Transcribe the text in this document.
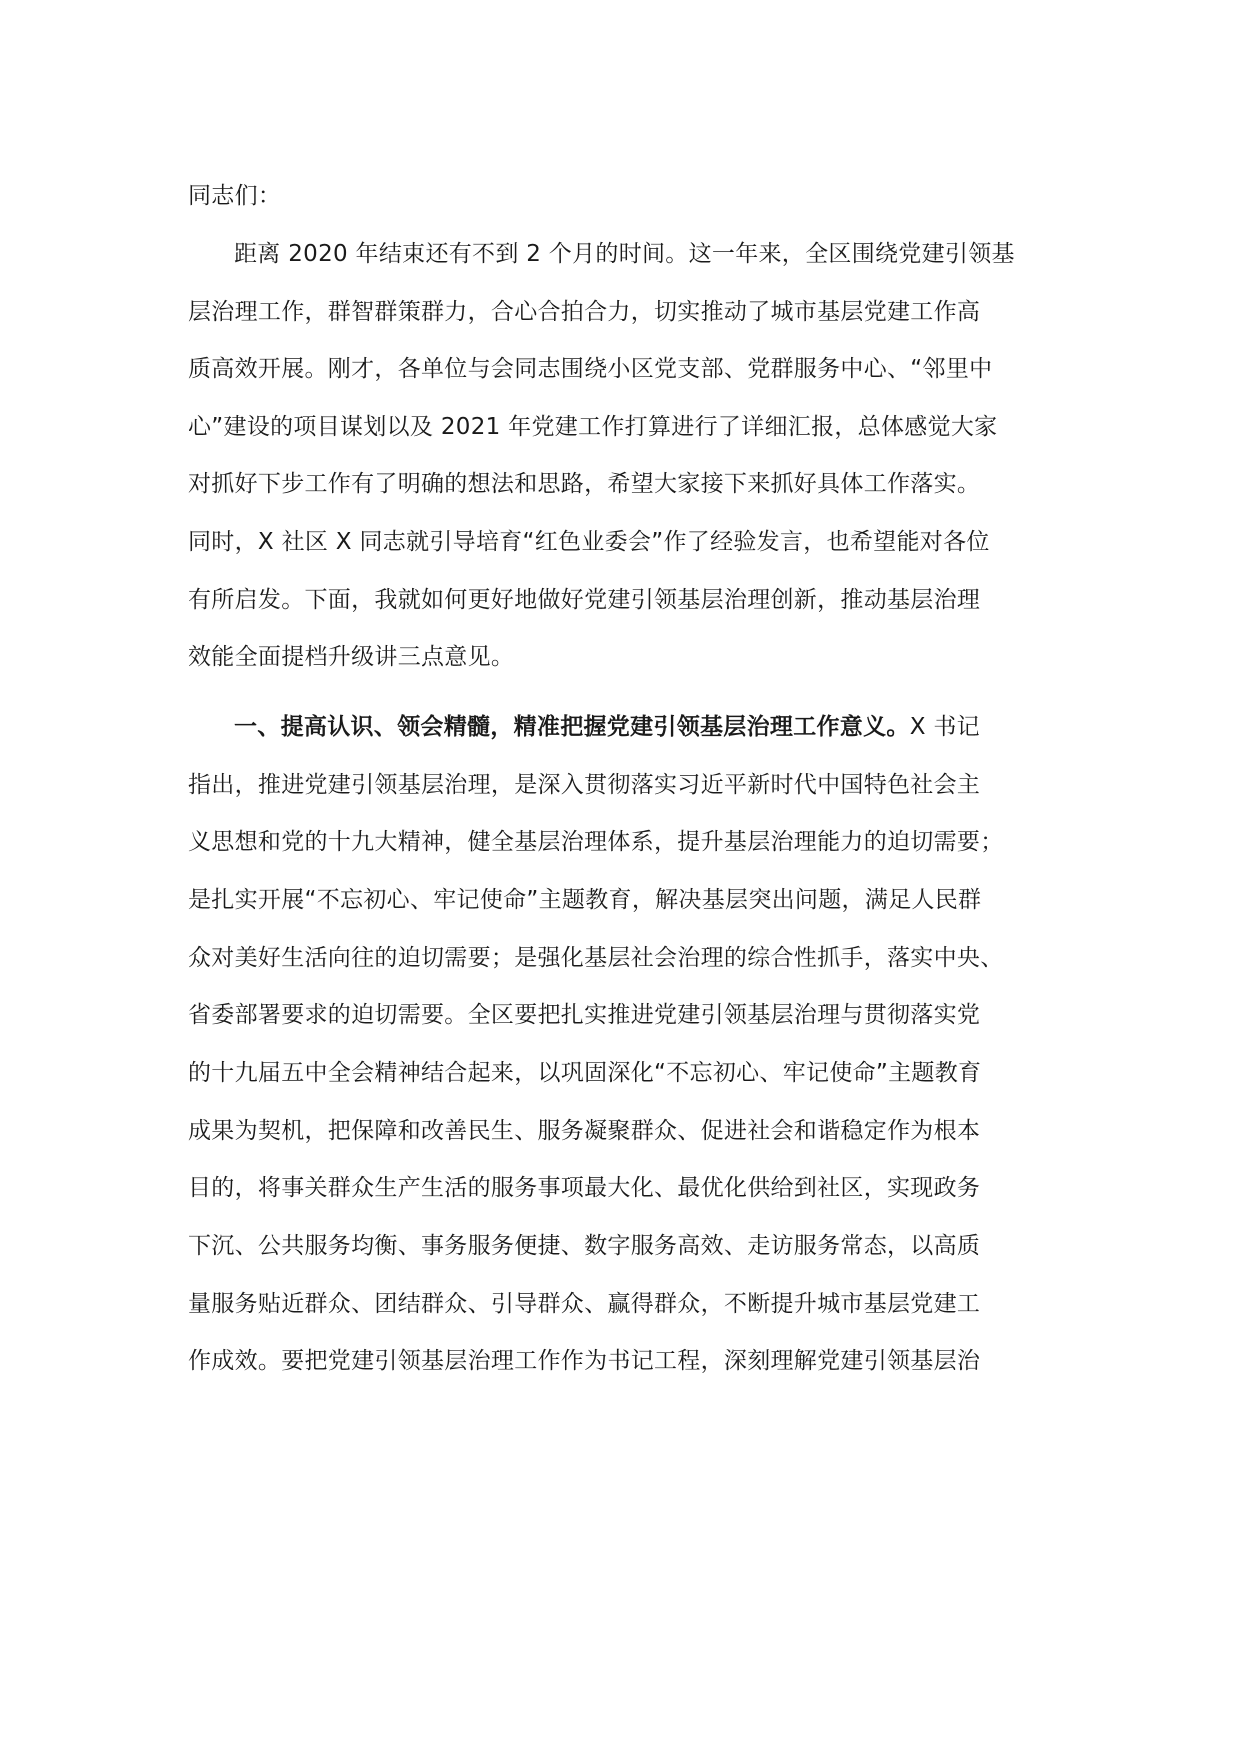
同志们：
距离 2020 年结束还有不到 2 个月的时间。这一年来，全区围绕党建引领基
层治理工作，群智群策群力，合心合拍合力，切实推动了城市基层党建工作高
质高效开展。刚才，各单位与会同志围绕小区党支部、党群服务中心、“邻里中
心”建设的项目谋划以及 2021 年党建工作打算进行了详细汇报，总体感觉大家
对抓好下步工作有了明确的想法和思路，希望大家接下来抓好具体工作落实。
同时，X 社区 X 同志就引导培育“红色业委会”作了经验发言，也希望能对各位
有所启发。下面，我就如何更好地做好党建引领基层治理创新，推动基层治理
效能全面提档升级讲三点意见。
一、提高认识、领会精髓，精准把握党建引领基层治理工作意义。X 书记
指出，推进党建引领基层治理，是深入贯彻落实习近平新时代中国特色社会主
义思想和党的十九大精神，健全基层治理体系，提升基层治理能力的迫切需要；
是扎实开展“不忘初心、牢记使命”主题教育，解决基层突出问题，满足人民群
众对美好生活向往的迫切需要；是强化基层社会治理的综合性抓手，落实中央、
省委部署要求的迫切需要。全区要把扎实推进党建引领基层治理与贯彻落实党
的十九届五中全会精神结合起来，以巩固深化“不忘初心、牢记使命”主题教育
成果为契机，把保障和改善民生、服务凝聚群众、促进社会和谐稳定作为根本
目的，将事关群众生产生活的服务事项最大化、最优化供给到社区，实现政务
下沉、公共服务均衡、事务服务便捷、数字服务高效、走访服务常态，以高质
量服务贴近群众、团结群众、引导群众、赢得群众，不断提升城市基层党建工
作成效。要把党建引领基层治理工作作为书记工程，深刻理解党建引领基层治
